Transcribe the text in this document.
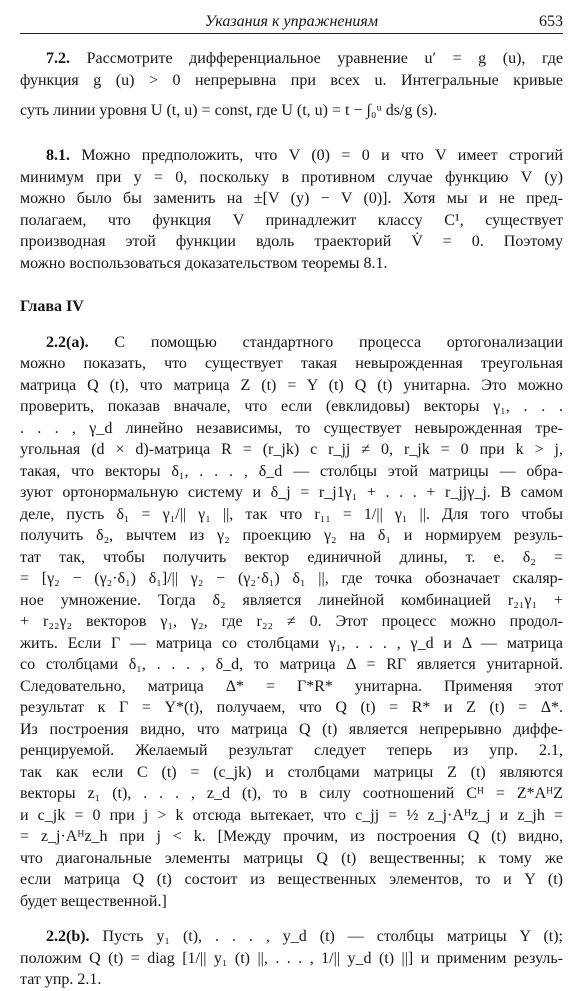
Указания к упражнениям	653
7.2. Рассмотрите дифференциальное уравнение u′ = g (u), где
функция g (u) > 0 непрерывна при всех u. Интегральные кривые
суть линии уровня U (t, u) = const, где U (t, u) = t − ∫₀ᵘ ds/g (s).
8.1. Можно предположить, что V (0) = 0 и что V имеет строгий
минимум при y = 0, поскольку в противном случае функцию V (y)
можно было бы заменить на ±[V (y) − V (0)]. Хотя мы и не пред-
полагаем, что функция V принадлежит классу C¹, существует
производная этой функции вдоль траекторий V̇ = 0. Поэтому
можно воспользоваться доказательством теоремы 8.1.
Глава IV
2.2(a). С помощью стандартного процесса ортогонализации
можно показать, что существует такая невырожденная треугольная
матрица Q (t), что матрица Z (t) = Y (t) Q (t) унитарна. Это можно
проверить, показав вначале, что если (евклидовы) векторы γ₁, . . .
. . . , γ_d линейно независимы, то существует невырожденная тре-
угольная (d × d)-матрица R = (r_jk) с r_jj ≠ 0, r_jk = 0 при k > j,
такая, что векторы δ₁, . . . , δ_d — столбцы этой матрицы — обра-
зуют ортонормальную систему и δ_j = r_j1γ₁ + . . . + r_jjγ_j. В самом
деле, пусть δ₁ = γ₁/|| γ₁ ||, так что r₁₁ = 1/|| γ₁ ||. Для того чтобы
получить δ₂, вычтем из γ₂ проекцию γ₂ на δ₁ и нормируем резуль-
тат так, чтобы получить вектор единичной длины, т. е. δ₂ =
= [γ₂ − (γ₂·δ₁) δ₁]/|| γ₂ − (γ₂·δ₁) δ₁ ||, где точка обозначает скаляр-
ное умножение. Тогда δ₂ является линейной комбинацией r₂₁γ₁ +
+ r₂₂γ₂ векторов γ₁, γ₂, где r₂₂ ≠ 0. Этот процесс можно продол-
жить. Если Γ — матрица со столбцами γ₁, . . . , γ_d и Δ — матрица
со столбцами δ₁, . . . , δ_d, то матрица Δ = RΓ является унитарной.
Следовательно, матрица Δ* = Γ*R* унитарна. Применяя этот
результат к Γ = Y*(t), получаем, что Q (t) = R* и Z (t) = Δ*.
Из построения видно, что матрица Q (t) является непрерывно диффе-
ренцируемой. Желаемый результат следует теперь из упр. 2.1,
так как если C (t) = (c_jk) и столбцами матрицы Z (t) являются
векторы z₁ (t), . . . , z_d (t), то в силу соотношений Cᴴ = Z*AᴴZ
и c_jk = 0 при j > k отсюда вытекает, что c_jj = ½ z_j·Aᴴz_j и z_jh =
= z_j·Aᴴz_h при j < k. [Между прочим, из построения Q (t) видно,
что диагональные элементы матрицы Q (t) вещественны; к тому же
если матрица Q (t) состоит из вещественных элементов, то и Y (t)
будет вещественной.]
2.2(b). Пусть y₁ (t), . . . , y_d (t) — столбцы матрицы Y (t);
положим Q (t) = diag [1/|| y₁ (t) ||, . . . , 1/|| y_d (t) ||] и применим резуль-
тат упр. 2.1.
